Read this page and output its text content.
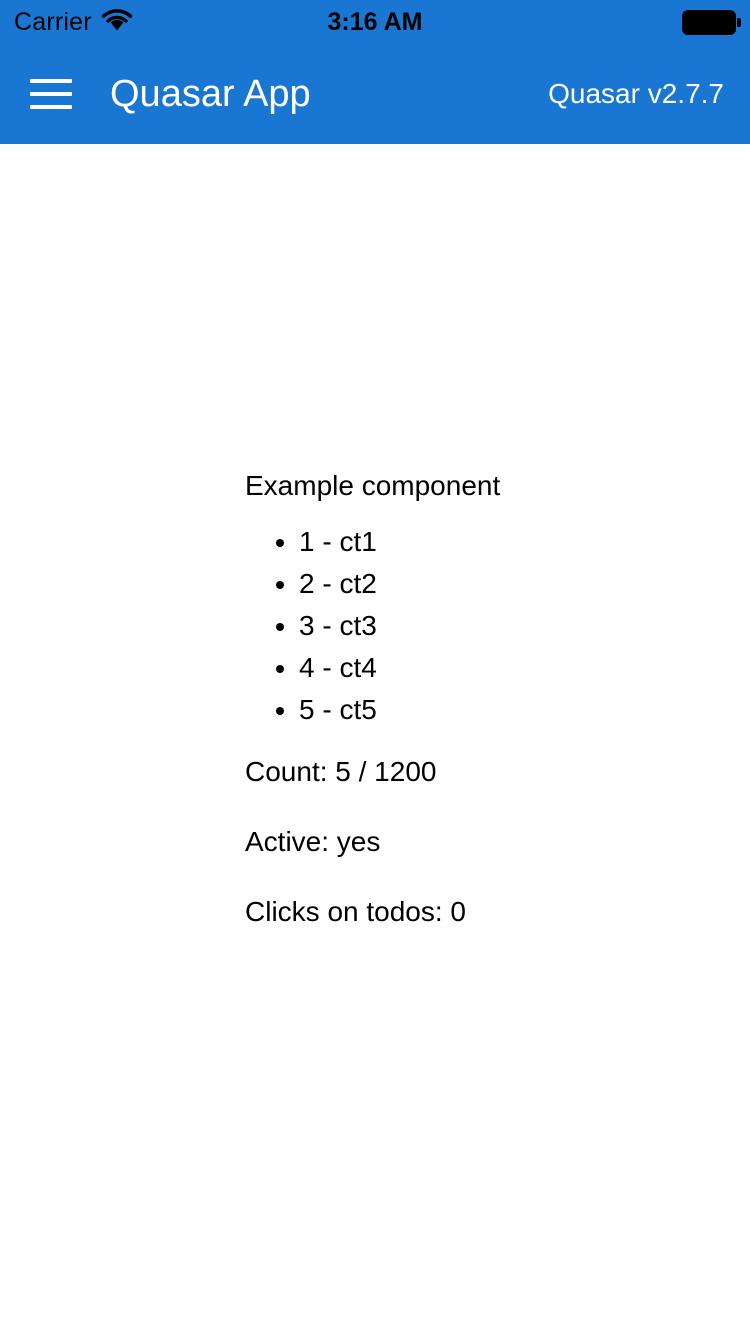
Carrier	3:16 AM
Quasar App	Quasar v2.7.7

Example component

• 1 - ct1
• 2 - ct2
• 3 - ct3
• 4 - ct4
• 5 - ct5

Count: 5 / 1200

Active: yes

Clicks on todos: 0
